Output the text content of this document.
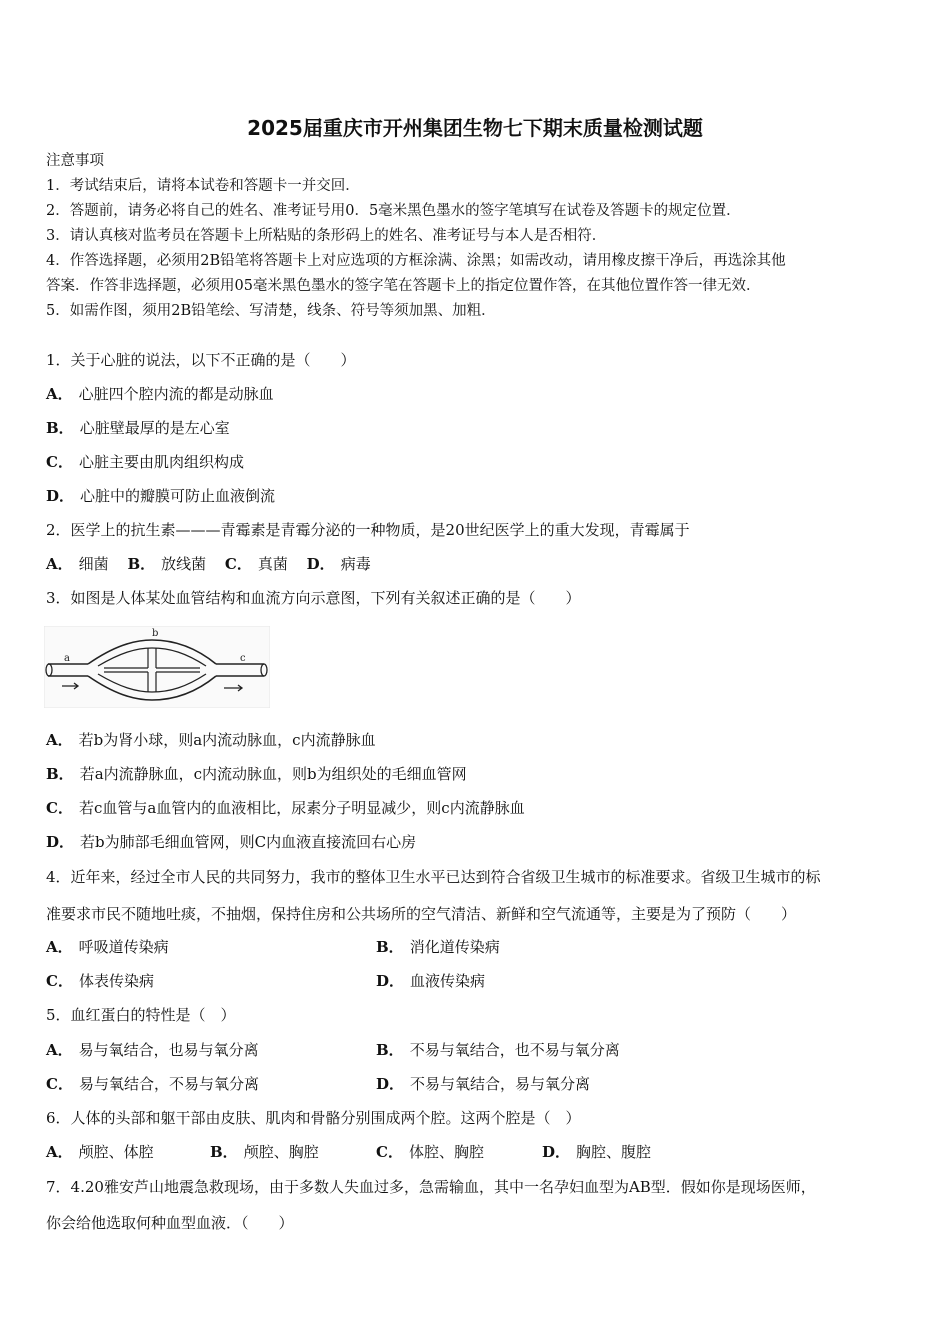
2025届重庆市开州集团生物七下期末质量检测试题
注意事项
1．考试结束后，请将本试卷和答题卡一并交回．
2．答题前，请务必将自己的姓名、准考证号用0．5毫米黑色墨水的签字笔填写在试卷及答题卡的规定位置．
3．请认真核对监考员在答题卡上所粘贴的条形码上的姓名、准考证号与本人是否相符．
4．作答选择题，必须用2B铅笔将答题卡上对应选项的方框涂满、涂黑；如需改动，请用橡皮擦干净后，再选涂其他
答案．作答非选择题，必须用05毫米黑色墨水的签字笔在答题卡上的指定位置作答，在其他位置作答一律无效．
5．如需作图，须用2B铅笔绘、写清楚，线条、符号等须加黑、加粗．
1．关于心脏的说法，以下不正确的是（　　）
A． 心脏四个腔内流的都是动脉血
B． 心脏壁最厚的是左心室
C． 心脏主要由肌肉组织构成
D． 心脏中的瓣膜可防止血液倒流
2．医学上的抗生素———青霉素是青霉分泌的一种物质，是20世纪医学上的重大发现，青霉属于
A． 细菌 B． 放线菌 C． 真菌 D． 病毒
3．如图是人体某处血管结构和血流方向示意图，下列有关叙述正确的是（　　）
a
b
c
A． 若b为肾小球，则a内流动脉血，c内流静脉血
B． 若a内流静脉血，c内流动脉血，则b为组织处的毛细血管网
C． 若c血管与a血管内的血液相比，尿素分子明显减少，则c内流静脉血
D． 若b为肺部毛细血管网，则C内血液直接流回右心房
4．近年来，经过全市人民的共同努力，我市的整体卫生水平已达到符合省级卫生城市的标准要求。省级卫生城市的标
准要求市民不随地吐痰，不抽烟，保持住房和公共场所的空气清洁、新鲜和空气流通等，主要是为了预防（　　）
A． 呼吸道传染病	B． 消化道传染病
C． 体表传染病	D． 血液传染病
5．血红蛋白的特性是（　）
A． 易与氧结合，也易与氧分离	B． 不易与氧结合，也不易与氧分离
C． 易与氧结合，不易与氧分离	D． 不易与氧结合，易与氧分离
6．人体的头部和躯干部由皮肤、肌肉和骨骼分别围成两个腔。这两个腔是（　）
A． 颅腔、体腔	B． 颅腔、胸腔	C． 体腔、胸腔	D． 胸腔、腹腔
7．4.20雅安芦山地震急救现场，由于多数人失血过多，急需输血，其中一名孕妇血型为AB型．假如你是现场医师，
你会给他选取何种血型血液．（　　）
